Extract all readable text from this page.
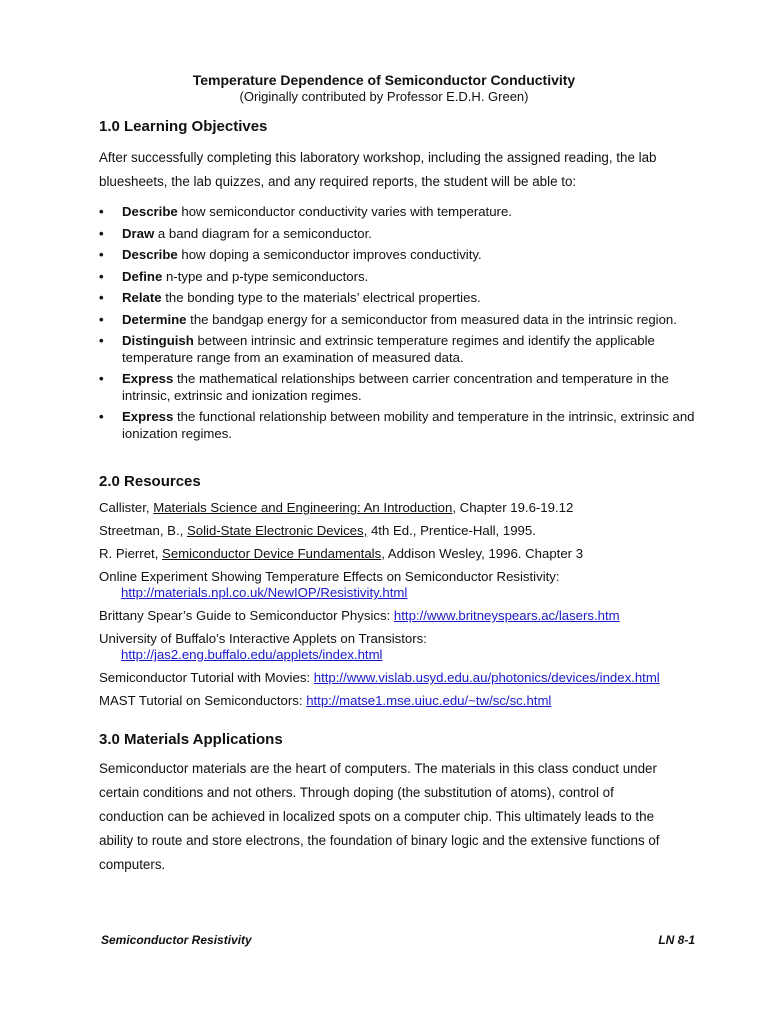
Temperature Dependence of Semiconductor Conductivity
(Originally contributed by Professor E.D.H. Green)
1.0 Learning Objectives

After successfully completing this laboratory workshop, including the assigned reading, the lab
bluesheets, the lab quizzes, and any required reports, the student will be able to:

• Describe how semiconductor conductivity varies with temperature.
• Draw a band diagram for a semiconductor.
• Describe how doping a semiconductor improves conductivity.
• Define n-type and p-type semiconductors.
• Relate the bonding type to the materials’ electrical properties.
• Determine the bandgap energy for a semiconductor from measured data in the intrinsic region.
• Distinguish between intrinsic and extrinsic temperature regimes and identify the applicable temperature range from an examination of measured data.
• Express the mathematical relationships between carrier concentration and temperature in the intrinsic, extrinsic and ionization regimes.
• Express the functional relationship between mobility and temperature in the intrinsic, extrinsic and ionization regimes.
2.0 Resources
Callister, Materials Science and Engineering: An Introduction, Chapter 19.6-19.12
Streetman, B., Solid-State Electronic Devices, 4th Ed., Prentice-Hall, 1995.
R. Pierret, Semiconductor Device Fundamentals, Addison Wesley, 1996. Chapter 3
Online Experiment Showing Temperature Effects on Semiconductor Resistivity:
http://materials.npl.co.uk/NewIOP/Resistivity.html
Brittany Spear’s Guide to Semiconductor Physics: http://www.britneyspears.ac/lasers.htm
University of Buffalo’s Interactive Applets on Transistors:
http://jas2.eng.buffalo.edu/applets/index.html
Semiconductor Tutorial with Movies: http://www.vislab.usyd.edu.au/photonics/devices/index.html
MAST Tutorial on Semiconductors: http://matse1.mse.uiuc.edu/~tw/sc/sc.html
3.0 Materials Applications

Semiconductor materials are the heart of computers. The materials in this class conduct under
certain conditions and not others. Through doping (the substitution of atoms), control of
conduction can be achieved in localized spots on a computer chip. This ultimately leads to the
ability to route and store electrons, the foundation of binary logic and the extensive functions of
computers.

Semiconductor Resistivity	LN 8-1
